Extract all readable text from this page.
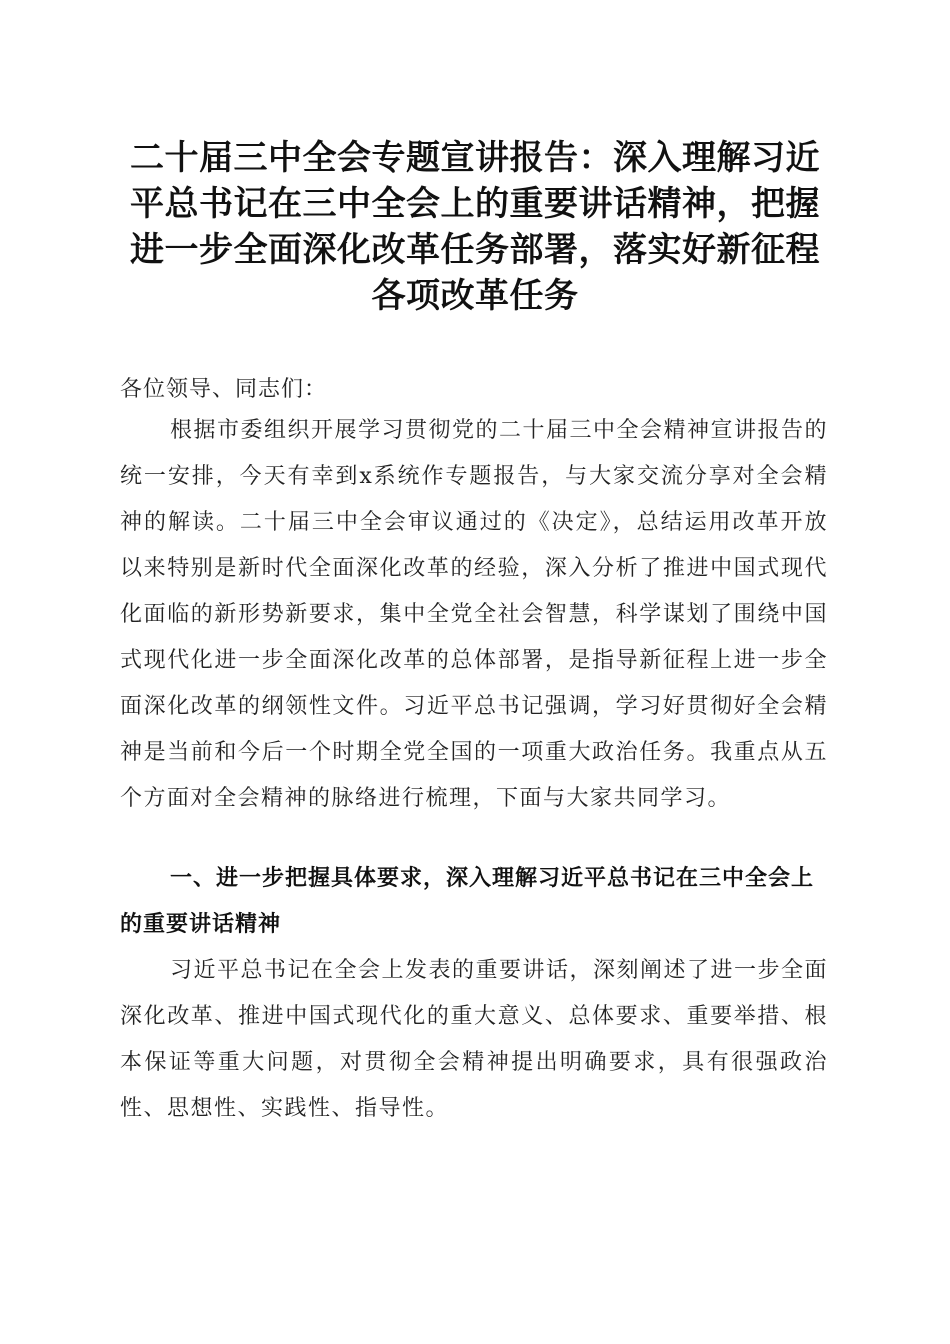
二十届三中全会专题宣讲报告：深入理解习近平总书记在三中全会上的重要讲话精神，把握进一步全面深化改革任务部署，落实好新征程各项改革任务

各位领导、同志们：

根据市委组织开展学习贯彻党的二十届三中全会精神宣讲报告的统一安排，今天有幸到x系统作专题报告，与大家交流分享对全会精神的解读。二十届三中全会审议通过的《决定》，总结运用改革开放以来特别是新时代全面深化改革的经验，深入分析了推进中国式现代化面临的新形势新要求，集中全党全社会智慧，科学谋划了围绕中国式现代化进一步全面深化改革的总体部署，是指导新征程上进一步全面深化改革的纲领性文件。习近平总书记强调，学习好贯彻好全会精神是当前和今后一个时期全党全国的一项重大政治任务。我重点从五个方面对全会精神的脉络进行梳理，下面与大家共同学习。

一、进一步把握具体要求，深入理解习近平总书记在三中全会上的重要讲话精神

习近平总书记在全会上发表的重要讲话，深刻阐述了进一步全面深化改革、推进中国式现代化的重大意义、总体要求、重要举措、根本保证等重大问题，对贯彻全会精神提出明确要求，具有很强政治性、思想性、实践性、指导性。
